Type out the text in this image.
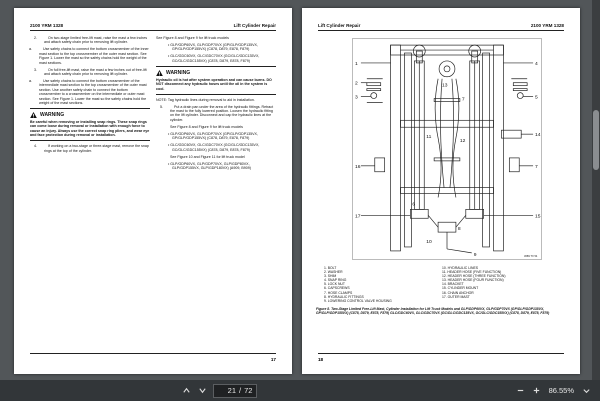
2100 YRM 1328	Lift Cylinder Repair

2.	On two-stage limited free-lift mast, raise the mast a few inches and attach safety chain prior to removing lift cylinder.

a.	Use safety chains to connect the bottom crossmember of the inner mast section to the top crossmember of the outer mast section. See Figure 1. Lower the mast so the safety chains hold the weight of the mast sections.

3.	On full free-lift mast, raise the mast a few inches out of free-lift and attach safety chain prior to removing lift cylinder.

a.	Use safety chains to connect the bottom crossmember of the intermediate mast section to the top crossmember of the outer mast section. Use another safety chain to connect the bottom crossmember to a crossmember on the intermediate or outer mast section. See Figure 1. Lower the mast so the safety chains hold the weight of the mast sections.

WARNING

Be careful when removing or installing snap rings. These snap rings can come loose during removal or installation with enough force to cause an injury. Always use the correct snap ring pliers, and wear eye and face protection during removal or installation.

4.	If working on a two-stage or three-stage mast, remove the snap rings at the top of the cylinder.

See Figure 8 and Figure 9 for lift truck models

• GLP/GDP60VX, GLP/GDP70VX (GP/GLP/GDP135VX, GP/GLP/GDP155VX) (C878, D879, E878, F879)

• GLC/GDC60VX, GLC/GDC70VX (GC/GLC/GDC135VX, GC/GLC/GDC155VX) (C878, D879, E878, F879)

WARNING

Hydraulic oil is hot after system operation and can cause burns. DO NOT disconnect any hydraulic hoses until the oil in the system is cool.

NOTE: Tag hydraulic lines during removal to aid in installation.

5.	Put a drain pan under the area of the hydraulic fittings. Retract the mast to the fully lowered position. Loosen the hydraulic fitting on the lift cylinder. Disconnect and cap the hydraulic lines at the cylinder.

See Figure 8 and Figure 9 for lift truck models

• GLP/GDP60VX, GLP/GDP70VX (GP/GLP/GDP135VX, GP/GLP/GDP155VX) (C878, D879, E878, F879)

• GLC/GDC60VX, GLC/GDC70VX (GC/GLC/GDC135VX, GC/GLC/GDC155VX) (C878, D879, E878, F879)

See Figure 10 and Figure 11 for lift truck model

• GLP/GDP60VX, GLP/GDP70VX, GLP/GDP80VX, GLP/GDP155VX, GLP/GDP180VX) (A909, B909)

17
Lift Cylinder Repair	2100 YRM 1328
1
2
3
4
5
14
16	7
17	15
9
8
10
7
11
12
13
6
3689 TX 54
1. BOLT
2. WASHER
3. SHIM
4. SNAP RING
5. LOCK NUT
6. CAPSCREWS
7. HOSE CLAMPS
8. HYDRAULIC FITTINGS
9. LOWERING CONTROL VALVE HOUSING
10. HYDRAULIC LINES
11. HEADER HOSE (FIVE FUNCTION)
12. HEADER HOSE (THREE FUNCTION)
13. HEADER HOSE (FOUR FUNCTION)
14. BRACKET
15. CYLINDER MOUNT
16. CHAIN ANCHOR
17. OUTER MAST
Figure 8. Two-Stage Limited Free-Lift Mast, Cylinder Installation for Lift Truck Models and GLP/GDP60VX, GLP/GDP70VX (GP/GLP/GDP135VX, GP/GLP/GDP155VX) (C878, D879, E878, F879) GLC/GDC60VX, GLC/GDC70VX (GC/GLC/GDC135VX, GC/GLC/GDC155VX) (C878, D879, E878, F879)
18
21 / 72	86.55%
